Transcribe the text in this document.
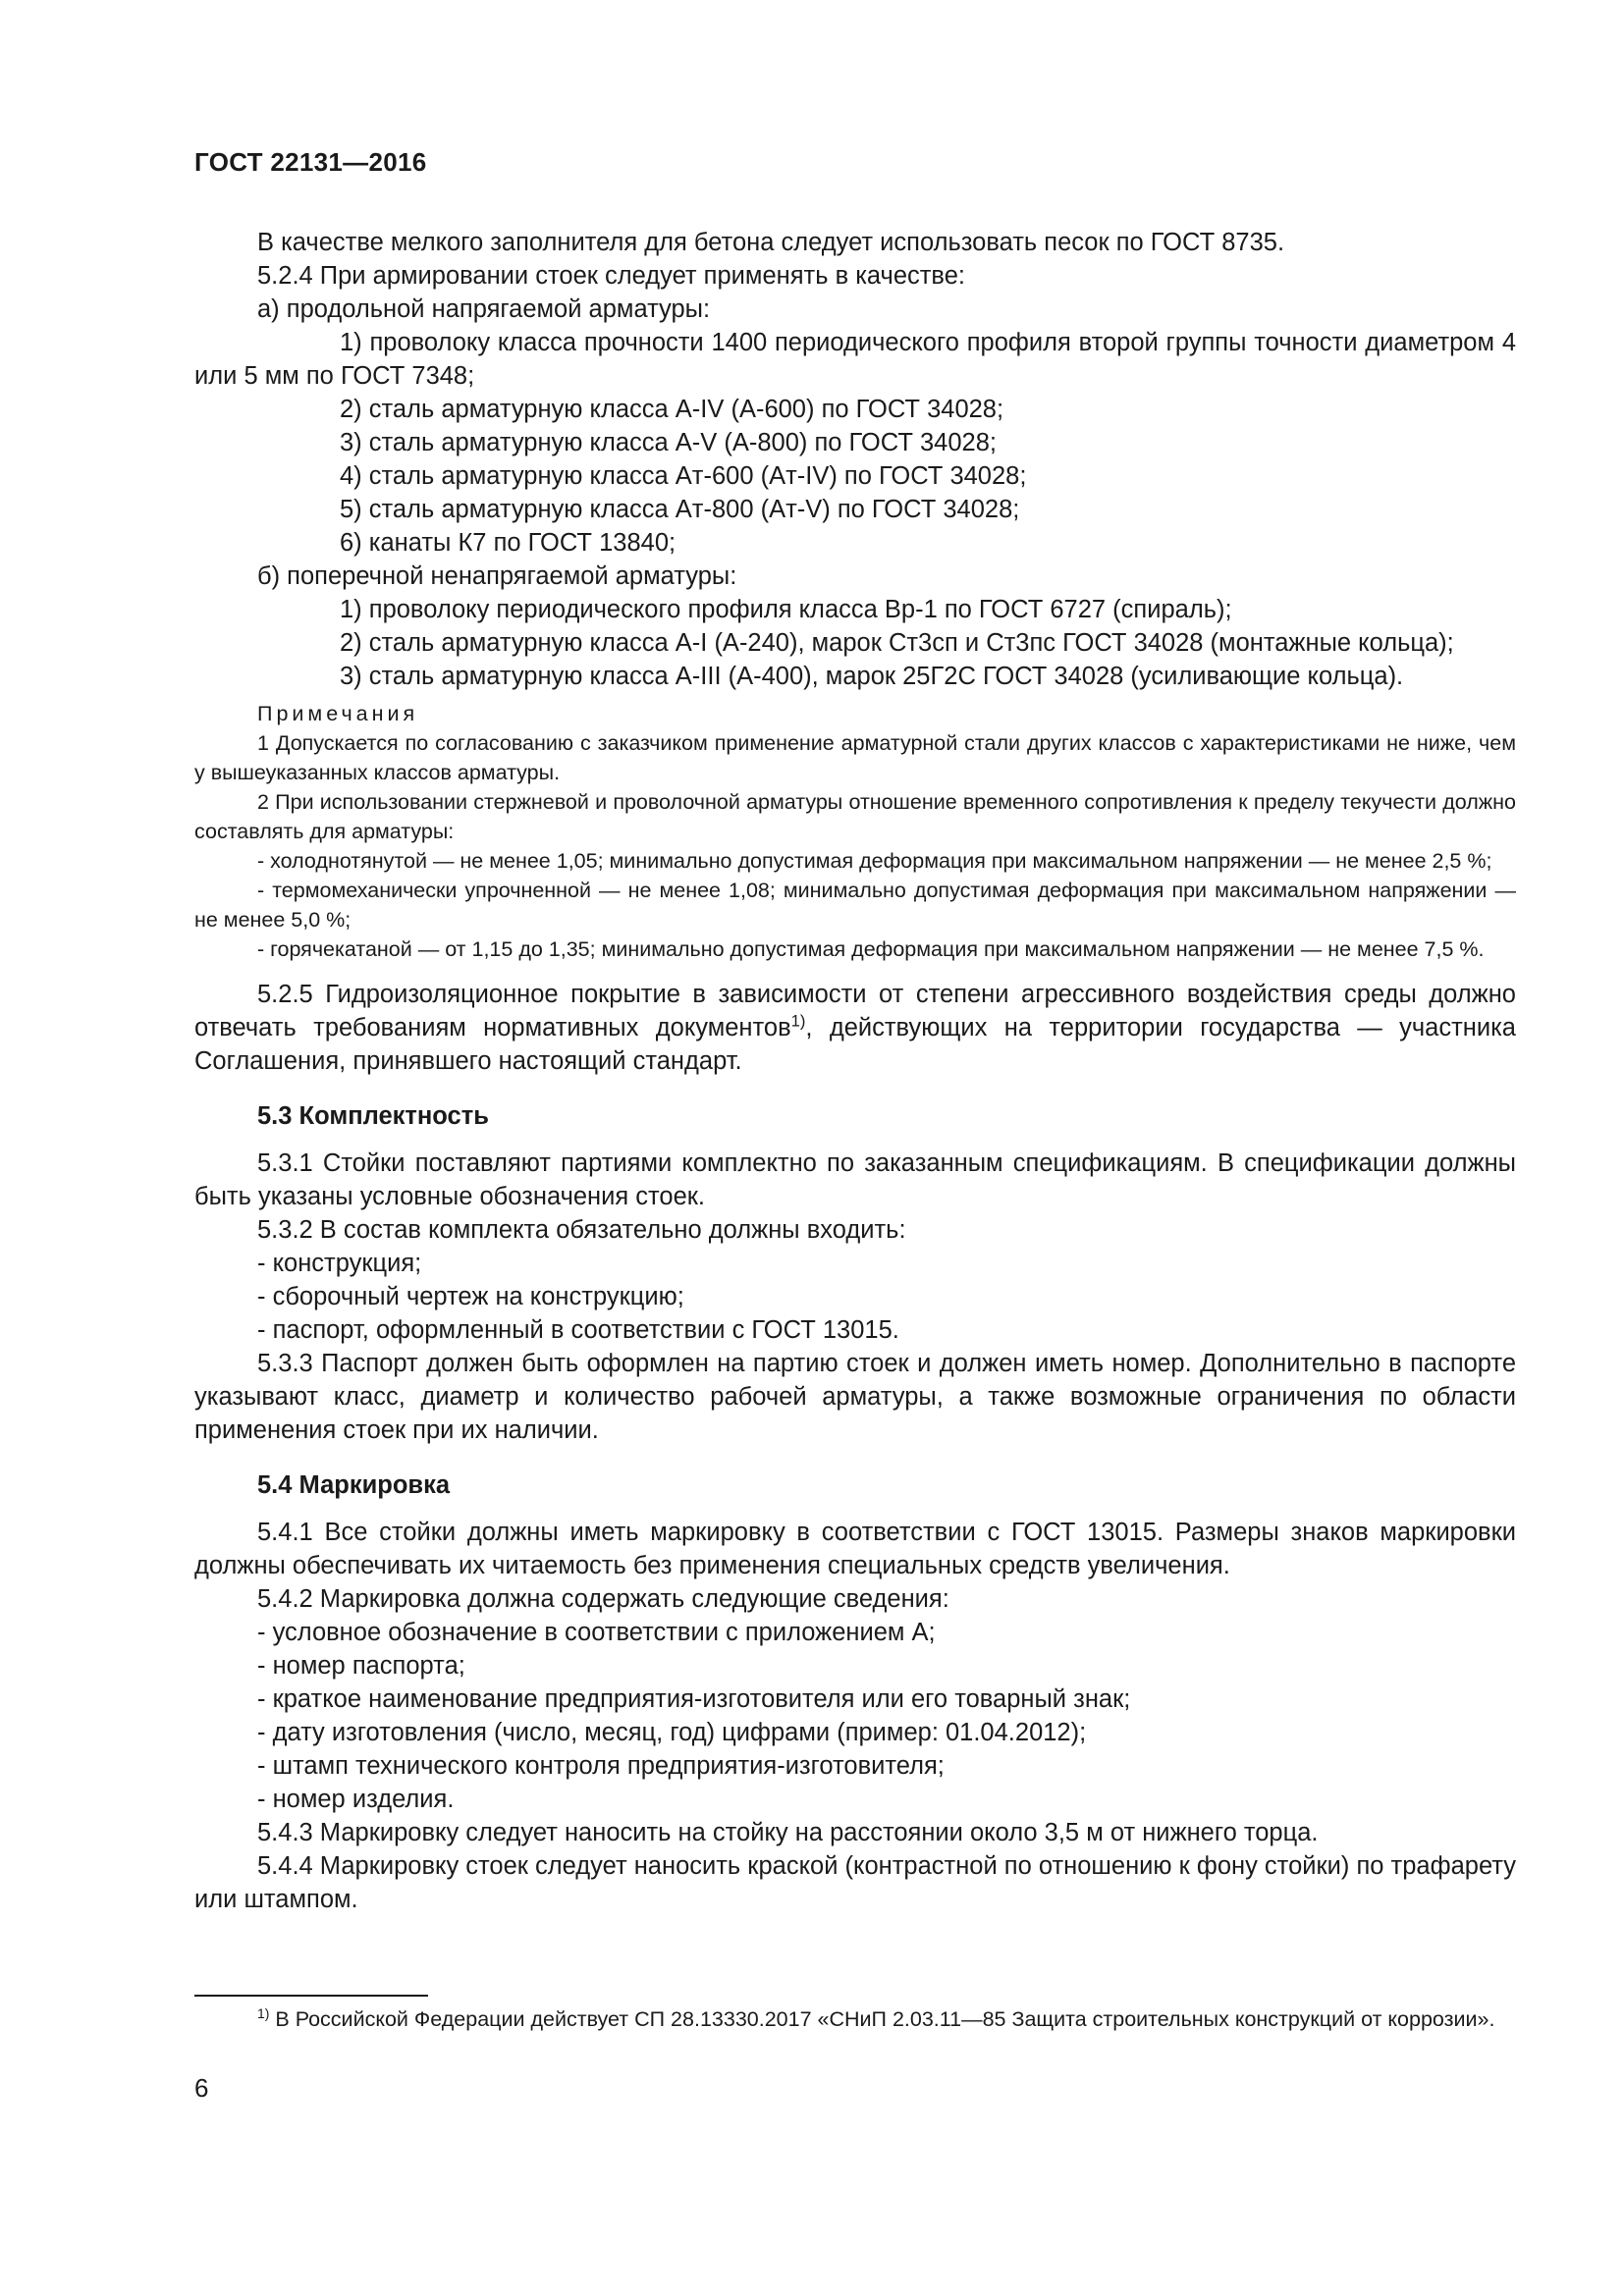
ГОСТ 22131—2016

В качестве мелкого заполнителя для бетона следует использовать песок по ГОСТ 8735.

5.2.4 При армировании стоек следует применять в качестве:

а) продольной напрягаемой арматуры:

1) проволоку класса прочности 1400 периодического профиля второй группы точности диаметром 4 или 5 мм по ГОСТ 7348;

2) сталь арматурную класса A-IV (A-600) по ГОСТ 34028;

3) сталь арматурную класса A-V (A-800) по ГОСТ 34028;

4) сталь арматурную класса Aт-600 (Aт-IV) по ГОСТ 34028;

5) сталь арматурную класса Aт-800 (Aт-V) по ГОСТ 34028;

6) канаты К7 по ГОСТ 13840;

б) поперечной ненапрягаемой арматуры:

1) проволоку периодического профиля класса Вр-1 по ГОСТ 6727 (спираль);

2) сталь арматурную класса A-I (A-240), марок Ст3сп и Ст3пс ГОСТ 34028 (монтажные кольца);

3) сталь арматурную класса A-III (A-400), марок 25Г2С ГОСТ 34028 (усиливающие кольца).

Примечания

1 Допускается по согласованию с заказчиком применение арматурной стали других классов с характеристиками не ниже, чем у вышеуказанных классов арматуры.

2 При использовании стержневой и проволочной арматуры отношение временного сопротивления к пределу текучести должно составлять для арматуры:

- холоднотянутой — не менее 1,05; минимально допустимая деформация при максимальном напряжении — не менее 2,5 %;

- термомеханически упрочненной — не менее 1,08; минимально допустимая деформация при максимальном напряжении — не менее 5,0 %;

- горячекатаной — от 1,15 до 1,35; минимально допустимая деформация при максимальном напряжении — не менее 7,5 %.

5.2.5 Гидроизоляционное покрытие в зависимости от степени агрессивного воздействия среды должно отвечать требованиям нормативных документов$^{1)}$, действующих на территории государства — участника Соглашения, принявшего настоящий стандарт.

5.3 Комплектность

5.3.1 Стойки поставляют партиями комплектно по заказанным спецификациям. В спецификации должны быть указаны условные обозначения стоек.

5.3.2 В состав комплекта обязательно должны входить:

- конструкция;

- сборочный чертеж на конструкцию;

- паспорт, оформленный в соответствии с ГОСТ 13015.

5.3.3 Паспорт должен быть оформлен на партию стоек и должен иметь номер. Дополнительно в паспорте указывают класс, диаметр и количество рабочей арматуры, а также возможные ограничения по области применения стоек при их наличии.

5.4 Маркировка

5.4.1 Все стойки должны иметь маркировку в соответствии с ГОСТ 13015. Размеры знаков маркировки должны обеспечивать их читаемость без применения специальных средств увеличения.

5.4.2 Маркировка должна содержать следующие сведения:

- условное обозначение в соответствии с приложением А;

- номер паспорта;

- краткое наименование предприятия-изготовителя или его товарный знак;

- дату изготовления (число, месяц, год) цифрами (пример: 01.04.2012);

- штамп технического контроля предприятия-изготовителя;

- номер изделия.

5.4.3 Маркировку следует наносить на стойку на расстоянии около 3,5 м от нижнего торца.

5.4.4 Маркировку стоек следует наносить краской (контрастной по отношению к фону стойки) по трафарету или штампом.

$^{1)}$ В Российской Федерации действует СП 28.13330.2017 «СНиП 2.03.11—85 Защита строительных конструкций от коррозии».

6
